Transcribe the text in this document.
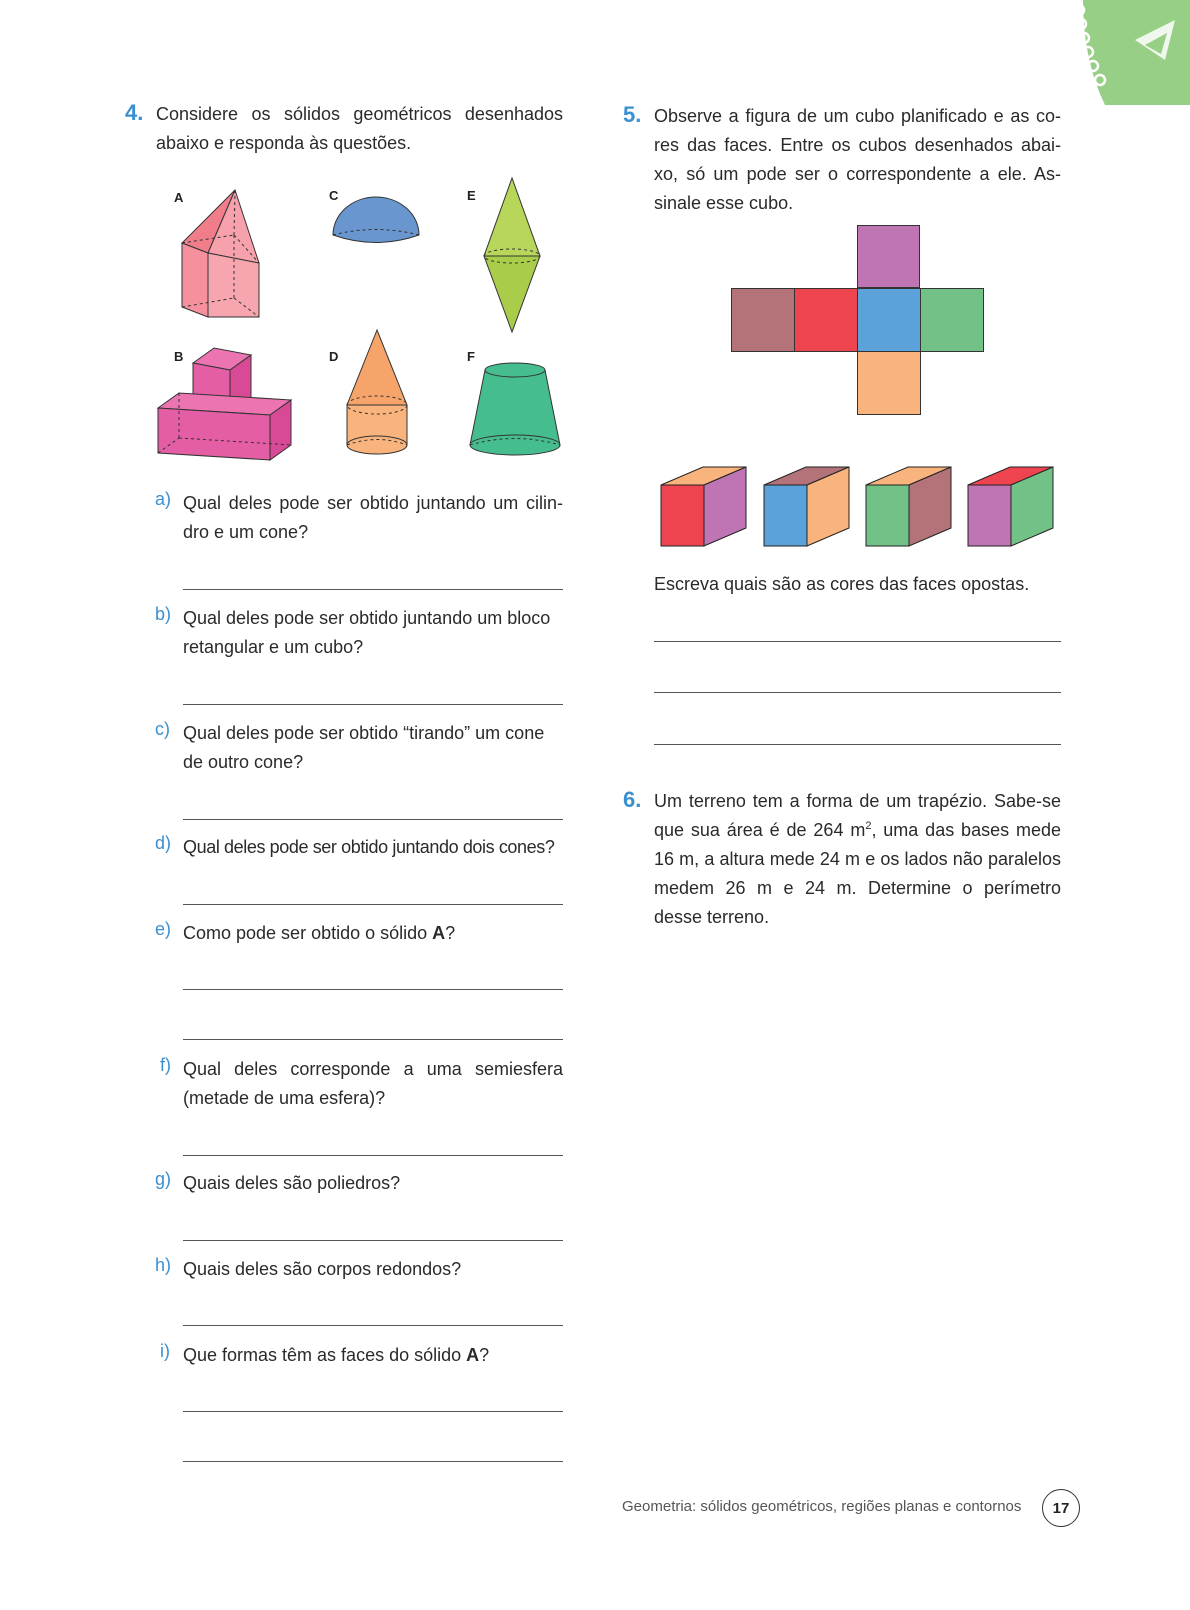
4. Considere os sólidos geométricos desenhados abaixo e responda às questões.
A
B
C
D
E
F
a) Qual deles pode ser obtido juntando um cilin-dro e um cone?
b) Qual deles pode ser obtido juntando um bloco retangular e um cubo?
c) Qual deles pode ser obtido “tirando” um cone de outro cone?
d) Qual deles pode ser obtido juntando dois cones?
e) Como pode ser obtido o sólido A?
f) Qual deles corresponde a uma semiesfera (metade de uma esfera)?
g) Quais deles são poliedros?
h) Quais deles são corpos redondos?
i) Que formas têm as faces do sólido A?
5. Observe a figura de um cubo planificado e as co-res das faces. Entre os cubos desenhados abai-xo, só um pode ser o correspondente a ele. As-sinale esse cubo.
Escreva quais são as cores das faces opostas.
6. Um terreno tem a forma de um trapézio. Sabe-se que sua área é de 264 $m^2$, uma das bases mede 16 m, a altura mede 24 m e os lados não paralelos medem 26 m e 24 m. Determine o perímetro desse terreno.
Geometria: sólidos geométricos, regiões planas e contornos	17
